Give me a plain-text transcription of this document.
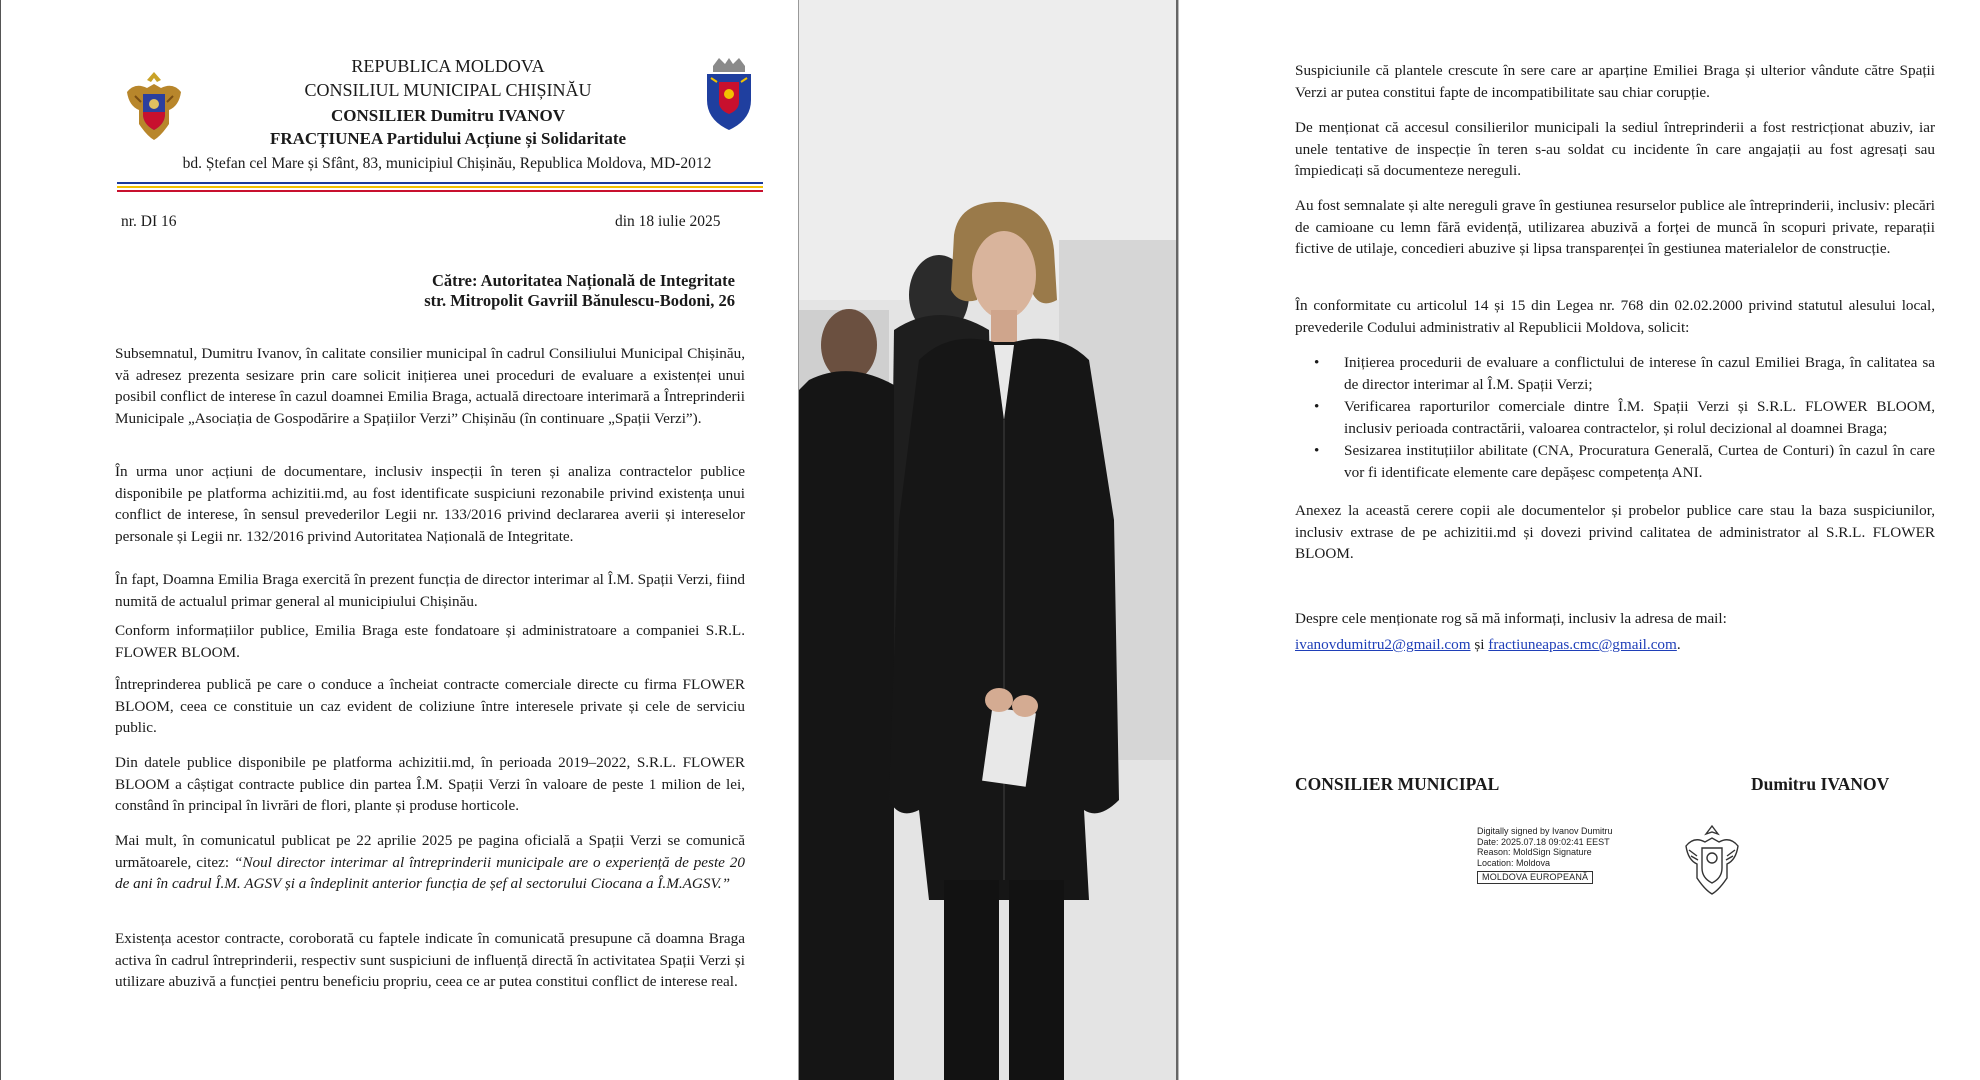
REPUBLICA MOLDOVA
CONSILIUL MUNICIPAL CHIȘINĂU
CONSILIER Dumitru IVANOV
FRACȚIUNEA Partidului Acțiune și Solidaritate
bd. Ștefan cel Mare și Sfânt, 83, municipiul Chișinău, Republica Moldova, MD-2012
nr. DI 16	din 18 iulie 2025
Către: Autoritatea Națională de Integritate
str. Mitropolit Gavriil Bănulescu-Bodoni, 26

Subsemnatul, Dumitru Ivanov, în calitate consilier municipal în cadrul Consiliului Municipal Chișinău, vă adresez prezenta sesizare prin care solicit inițierea unei proceduri de evaluare a existenței unui posibil conflict de interese în cazul doamnei Emilia Braga, actuală directoare interimară a Întreprinderii Municipale „Asociația de Gospodărire a Spațiilor Verzi” Chișinău (în continuare „Spații Verzi”).

În urma unor acțiuni de documentare, inclusiv inspecții în teren și analiza contractelor publice disponibile pe platforma achizitii.md, au fost identificate suspiciuni rezonabile privind existența unui conflict de interese, în sensul prevederilor Legii nr. 133/2016 privind declararea averii și intereselor personale și Legii nr. 132/2016 privind Autoritatea Națională de Integritate.

În fapt, Doamna Emilia Braga exercită în prezent funcția de director interimar al Î.M. Spații Verzi, fiind numită de actualul primar general al municipiului Chișinău.

Conform informațiilor publice, Emilia Braga este fondatoare și administratoare a companiei S.R.L. FLOWER BLOOM.

Întreprinderea publică pe care o conduce a încheiat contracte comerciale directe cu firma FLOWER BLOOM, ceea ce constituie un caz evident de coliziune între interesele private și cele de serviciu public.

Din datele publice disponibile pe platforma achizitii.md, în perioada 2019–2022, S.R.L. FLOWER BLOOM a câștigat contracte publice din partea Î.M. Spații Verzi în valoare de peste 1 milion de lei, constând în principal în livrări de flori, plante și produse horticole.

Mai mult, în comunicatul publicat pe 22 aprilie 2025 pe pagina oficială a Spații Verzi se comunică următoarele, citez: “Noul director interimar al întreprinderii municipale are o experiență de peste 20 de ani în cadrul Î.M. AGSV și a îndeplinit anterior funcția de șef al sectorului Ciocana a Î.M.AGSV.”

Existența acestor contracte, coroborată cu faptele indicate în comunicată presupune că doamna Braga activa în cadrul întreprinderii, respectiv sunt suspiciuni de influență directă în activitatea Spații Verzi și utilizare abuzivă a funcției pentru beneficiu propriu, ceea ce ar putea constitui conflict de interese real.

Suspiciunile că plantele crescute în sere care ar aparține Emiliei Braga și ulterior vândute către Spații Verzi ar putea constitui fapte de incompatibilitate sau chiar corupție.

De menționat că accesul consilierilor municipali la sediul întreprinderii a fost restricționat abuziv, iar unele tentative de inspecție în teren s-au soldat cu incidente în care angajații au fost agresați sau împiedicați să documenteze nereguli.

Au fost semnalate și alte nereguli grave în gestiunea resurselor publice ale întreprinderii, inclusiv: plecări de camioane cu lemn fără evidență, utilizarea abuzivă a forței de muncă în scopuri private, reparații fictive de utilaje, concedieri abuzive și lipsa transparenței în gestiunea materialelor de construcție.

În conformitate cu articolul 14 și 15 din Legea nr. 768 din 02.02.2000 privind statutul alesului local, prevederile Codului administrativ al Republicii Moldova, solicit:

• Inițierea procedurii de evaluare a conflictului de interese în cazul Emiliei Braga, în calitatea sa de director interimar al Î.M. Spații Verzi;
• Verificarea raporturilor comerciale dintre Î.M. Spații Verzi și S.R.L. FLOWER BLOOM, inclusiv perioada contractării, valoarea contractelor, și rolul decizional al doamnei Braga;
• Sesizarea instituțiilor abilitate (CNA, Procuratura Generală, Curtea de Conturi) în cazul în care vor fi identificate elemente care depășesc competența ANI.

Anexez la această cerere copii ale documentelor și probelor publice care stau la baza suspiciunilor, inclusiv extrase de pe achizitii.md și dovezi privind calitatea de administrator al S.R.L. FLOWER BLOOM.

Despre cele menționate rog să mă informați, inclusiv la adresa de mail:

ivanovdumitru2@gmail.com și fractiuneapas.cmc@gmail.com.
CONSILIER MUNICIPAL	Dumitru IVANOV
Digitally signed by Ivanov Dumitru
Date: 2025.07.18 09:02:41 EEST
Reason: MoldSign Signature
Location: Moldova
MOLDOVA EUROPEANĂ
